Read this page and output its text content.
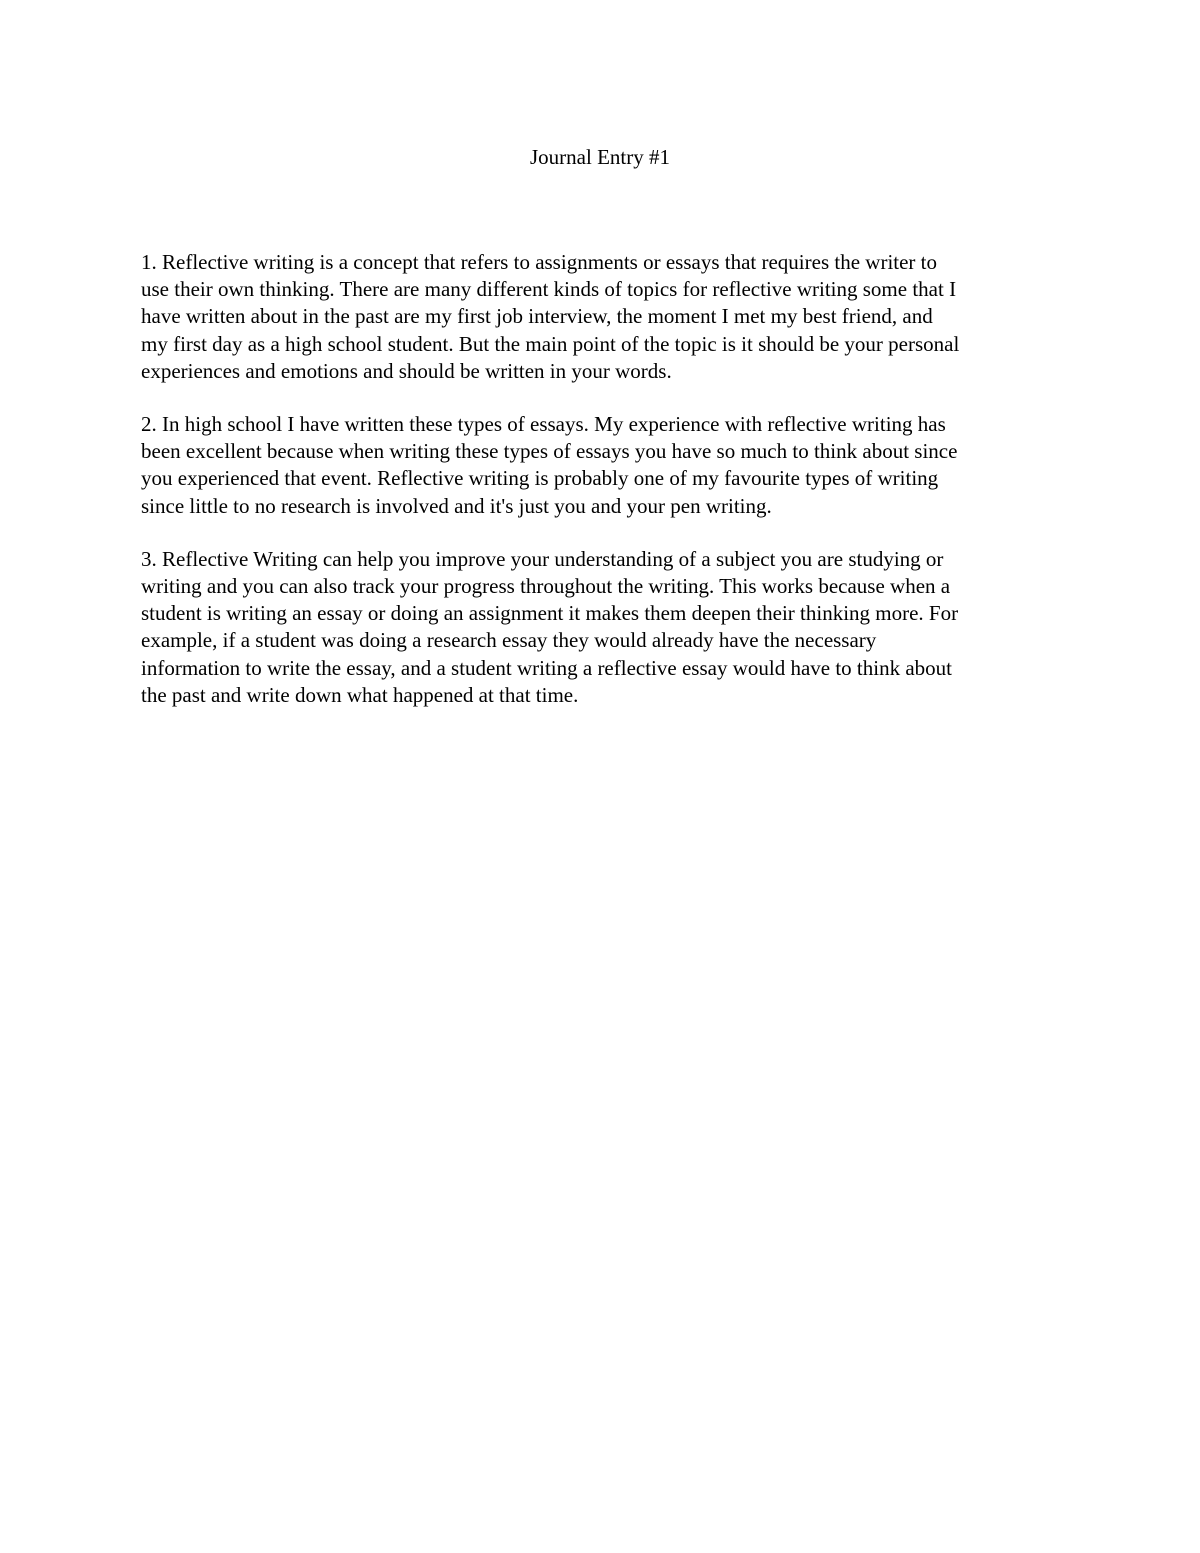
Journal Entry #1

1. Reflective writing is a concept that refers to assignments or essays that requires the writer to
use their own thinking. There are many different kinds of topics for reflective writing some that I
have written about in the past are my first job interview, the moment I met my best friend, and
my first day as a high school student. But the main point of the topic is it should be your personal
experiences and emotions and should be written in your words.

2. In high school I have written these types of essays. My experience with reflective writing has
been excellent because when writing these types of essays you have so much to think about since
you experienced that event. Reflective writing is probably one of my favourite types of writing
since little to no research is involved and it's just you and your pen writing.

3. Reflective Writing can help you improve your understanding of a subject you are studying or
writing and you can also track your progress throughout the writing. This works because when a
student is writing an essay or doing an assignment it makes them deepen their thinking more. For
example, if a student was doing a research essay they would already have the necessary
information to write the essay, and a student writing a reflective essay would have to think about
the past and write down what happened at that time.
